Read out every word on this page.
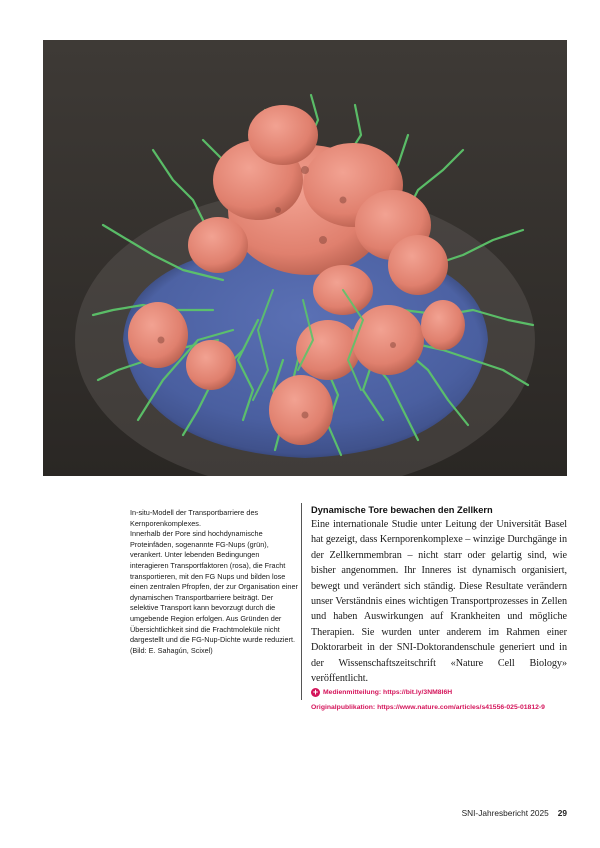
In-situ-Modell der Transportbarriere des Kernporenkomplexes.

Innerhalb der Pore sind hochdynamische Proteinfäden, sogenannte FG-Nups (grün), verankert. Unter lebenden Bedingungen interagieren Transportfaktoren (rosa), die Fracht transportieren, mit den FG Nups und bilden lose einen zentralen Pfropfen, der zur Organisation einer dynamischen Transportbarriere beiträgt. Der selektive Transport kann bevorzugt durch die umgebende Region erfolgen. Aus Gründen der Übersichtlichkeit sind die Frachtmoleküle nicht dargestellt und die FG-Nup-Dichte wurde reduziert. (Bild: E. Sahagún, Scixel)

Dynamische Tore bewachen den Zellkern

Eine internationale Studie unter Leitung der Universität Basel hat gezeigt, dass Kernporenkomplexe – winzige Durchgänge in der Zellkernmembran – nicht starr oder gelartig sind, wie bisher angenommen. Ihr Inneres ist dynamisch organisiert, bewegt und verändert sich ständig. Diese Resultate verändern unser Verständnis eines wichtigen Transportprozesses in Zellen und haben Auswirkungen auf Krankheiten und mögliche Therapien. Sie wurden unter anderem im Rahmen einer Doktorarbeit in der SNI-Doktorandenschule generiert und in der Wissenschaftszeitschrift «Nature Cell Biology» veröffentlicht.

+ Medienmitteilung: https://bit.ly/3NM8l6H
Originalpublikation: https://www.nature.com/articles/s41556-025-01812-9
SNI-Jahresbericht 2025 29
